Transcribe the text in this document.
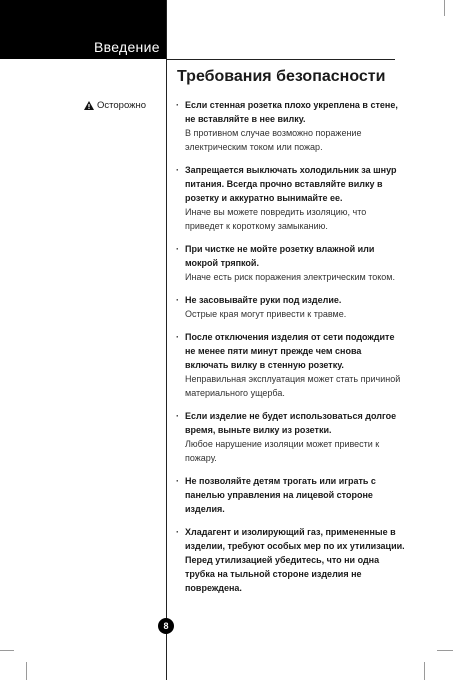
Введение
Требования безопасности
Осторожно	· Если стенная розетка плохо укреплена в стене, не вставляйте в нее вилку.
В противном случае возможно поражение электрическим током или пожар.
· Запрещается выключать холодильник за шнур питания. Всегда прочно вставляйте вилку в розетку и аккуратно вынимайте ее.
Иначе вы можете повредить изоляцию, что приведет к короткому замыканию.
· При чистке не мойте розетку влажной или мокрой тряпкой.
Иначе есть риск поражения электрическим током.
· Не засовывайте руки под изделие.
Острые края могут привести к травме.
· После отключения изделия от сети подождите не менее пяти минут прежде чем снова включать вилку в стенную розетку.
Неправильная эксплуатация может стать причиной материального ущерба.
· Если изделие не будет использоваться долгое время, выньте вилку из розетки.
Любое нарушение изоляции может привести к пожару.
· Не позволяйте детям трогать или играть с панелью управления на лицевой стороне изделия.
· Хладагент и изолирующий газ, примененные в изделии, требуют особых мер по их утилизации. Перед утилизацией убедитесь, что ни одна трубка на тыльной стороне изделия не повреждена.
8
